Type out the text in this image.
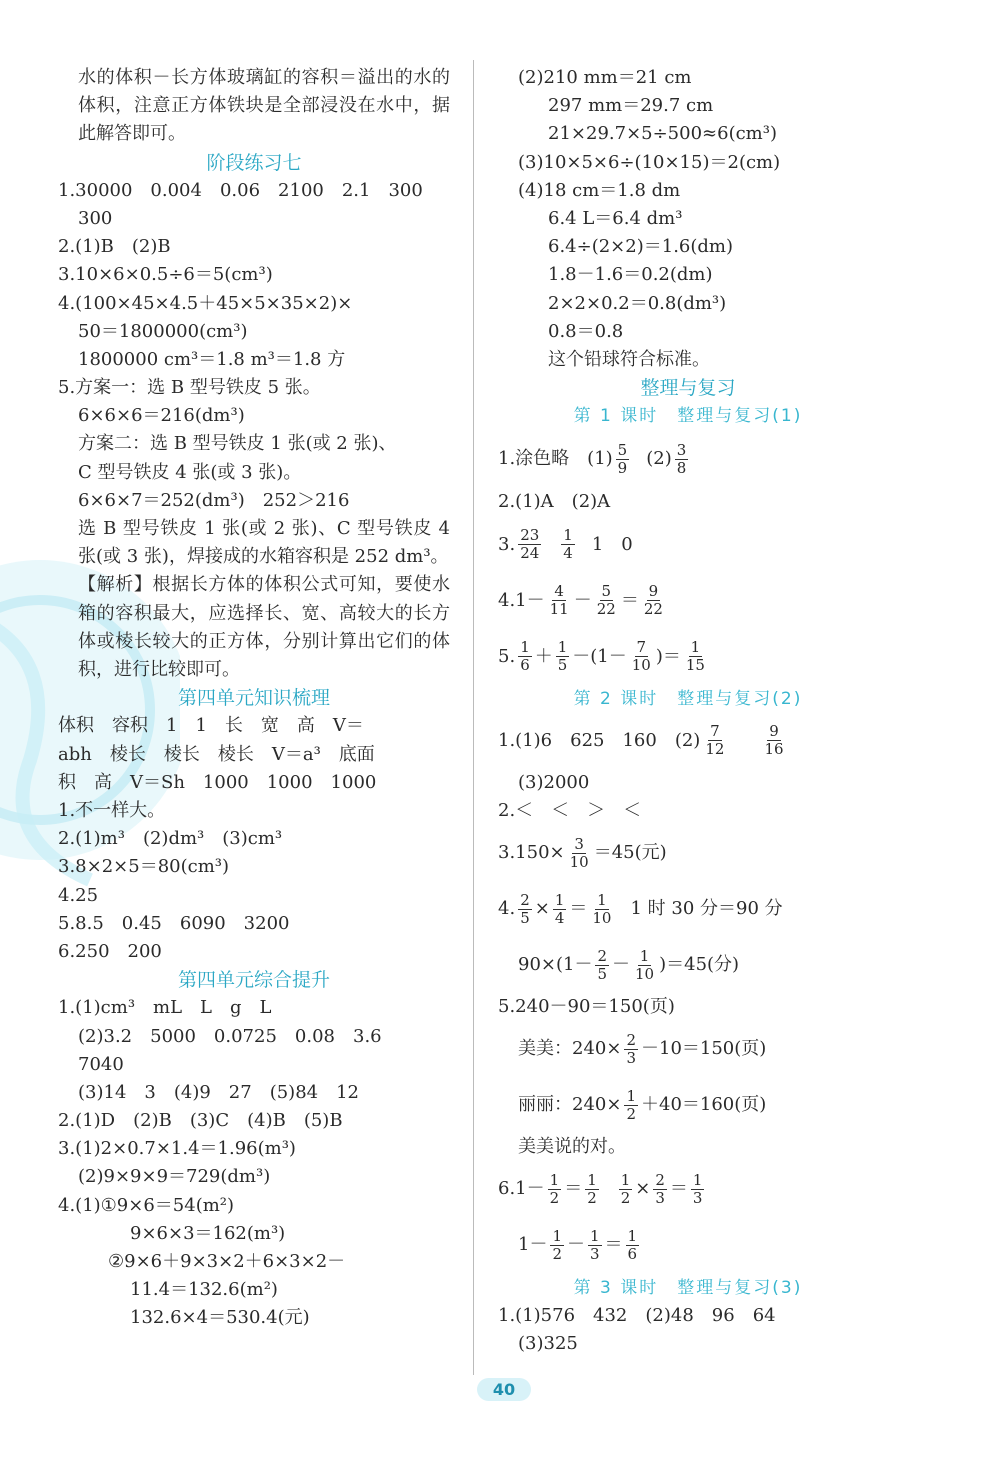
水的体积－长方体玻璃缸的容积＝溢出的水的体积，注意正方体铁块是全部浸没在水中，据此解答即可。
阶段练习七
1.30000　0.004　0.06　2100　2.1　300
300
2.(1)B　(2)B
3.10×6×0.5÷6＝5(cm³)
4.(100×45×4.5＋45×5×35×2)×
50＝1800000(cm³)
1800000 cm³＝1.8 m³＝1.8 方
5.方案一：选 B 型号铁皮 5 张。
6×6×6＝216(dm³)
方案二：选 B 型号铁皮 1 张(或 2 张)、
C 型号铁皮 4 张(或 3 张)。
6×6×7＝252(dm³)　252＞216
选 B 型号铁皮 1 张(或 2 张)、C 型号铁皮 4 张(或 3 张)，焊接成的水箱容积是 252 dm³。
【解析】根据长方体的体积公式可知，要使水箱的容积最大，应选择长、宽、高较大的长方体或棱长较大的正方体，分别计算出它们的体积，进行比较即可。
第四单元知识梳理
体积　容积　1　1　长　宽　高　V＝
abh　棱长　棱长　棱长　V＝a³　底面
积　高　V＝Sh　1000　1000　1000
1.不一样大。
2.(1)m³　(2)dm³　(3)cm³
3.8×2×5＝80(cm³)
4.25
5.8.5　0.45　6090　3200
6.250　200
第四单元综合提升
1.(1)cm³　mL　L　g　L
(2)3.2　5000　0.0725　0.08　3.6
7040
(3)14　3　(4)9　27　(5)84　12
2.(1)D　(2)B　(3)C　(4)B　(5)B
3.(1)2×0.7×1.4＝1.96(m³)
(2)9×9×9＝729(dm³)
4.(1)①9×6＝54(m²)
9×6×3＝162(m³)
②9×6＋9×3×2＋6×3×2－
11.4＝132.6(m²)
132.6×4＝530.4(元)
(2)210 mm＝21 cm
297 mm＝29.7 cm
21×29.7×5÷500≈6(cm³)
(3)10×5×6÷(10×15)＝2(cm)
(4)18 cm＝1.8 dm
6.4 L＝6.4 dm³
6.4÷(2×2)＝1.6(dm)
1.8－1.6＝0.2(dm)
2×2×0.2＝0.8(dm³)
0.8＝0.8
这个铅球符合标准。
整理与复习
第 1 课时　整理与复习(1)
1.涂色略　$(1) \frac{5}{9} (2) \frac{3}{8}$
2.(1)A　(2)A
3. $\frac{23}{24} \frac{1}{4} 1$　0
$4.1- \frac{4}{11} - \frac{5}{22} = \frac{9}{22}$
5. $\frac{1}{6} + \frac{1}{5} -(1- \frac{7}{10}$ )＝ $\frac{1}{15}$
第 2 课时　整理与复习(2)
1.(1)6　625　160　$(2) \frac{7}{12} \frac{9}{16}$
(3)2000
2.＜　＜　＞　＜
$3.150\times \frac{3}{10} =45$(元)
4. $\frac{2}{5} \times \frac{1}{4} = \frac{1}{10} 1$ 时 30 分＝90 分
$90\times(1- \frac{2}{5} - \frac{1}{10} )=45$(分)
5.240－90＝150(页)
美美：$240\times \frac{2}{3} -10=150$(页)
丽丽：$240\times \frac{1}{2} +40=160$(页)
美美说的对。
$6.1- \frac{1}{2} = \frac{1}{2} \frac{1}{2} \times \frac{2}{3} = \frac{1}{3}$
$1- \frac{1}{2} - \frac{1}{3} = \frac{1}{6}$
第 3 课时　整理与复习(3)
1.(1)576　432　(2)48　96　64
(3)325
40
